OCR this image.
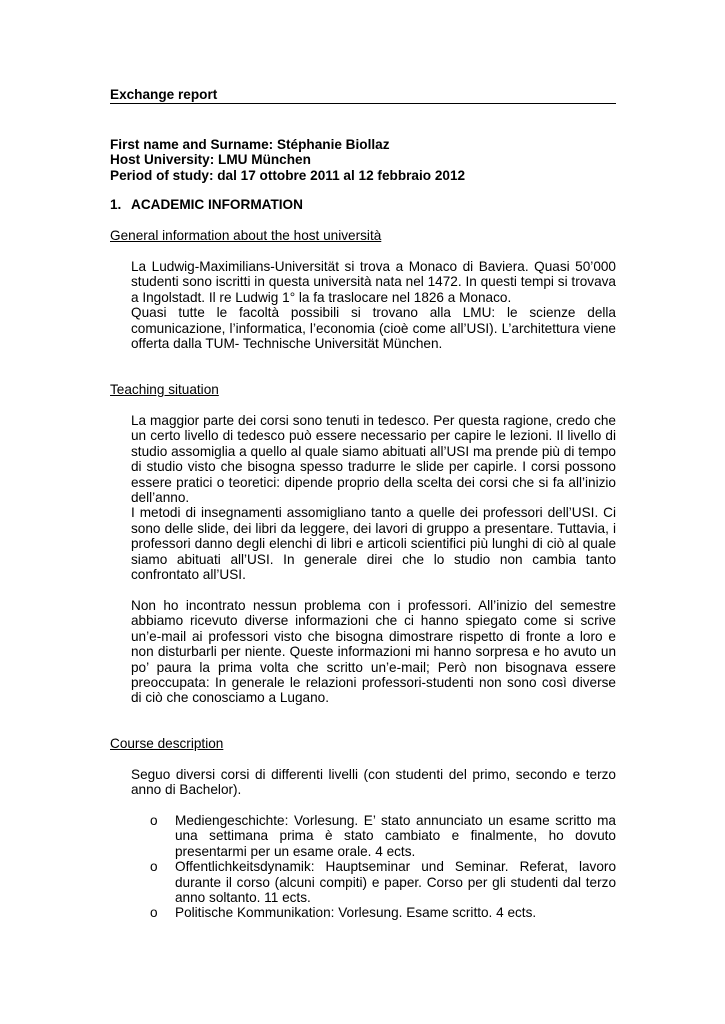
Exchange report
First name and Surname: Stéphanie Biollaz
Host University: LMU München
Period of study: dal 17 ottobre 2011 al 12 febbraio 2012
1. ACADEMIC INFORMATION
General information about the host università

La Ludwig-Maximilians-Universität si trova a Monaco di Baviera. Quasi 50’000 studenti sono iscritti in questa università nata nel 1472. In questi tempi si trovava a Ingolstadt. Il re Ludwig 1° la fa traslocare nel 1826 a Monaco.

Quasi tutte le facoltà possibili si trovano alla LMU: le scienze della comunicazione, l’informatica, l’economia (cioè come all’USI). L’architettura viene offerta dalla TUM- Technische Universität München.

Teaching situation

La maggior parte dei corsi sono tenuti in tedesco. Per questa ragione, credo che un certo livello di tedesco può essere necessario per capire le lezioni. Il livello di studio assomiglia a quello al quale siamo abituati all’USI ma prende più di tempo di studio visto che bisogna spesso tradurre le slide per capirle. I corsi possono essere pratici o teoretici: dipende proprio della scelta dei corsi che si fa all’inizio dell’anno.

I metodi di insegnamenti assomigliano tanto a quelle dei professori dell’USI. Ci sono delle slide, dei libri da leggere, dei lavori di gruppo a presentare. Tuttavia, i professori danno degli elenchi di libri e articoli scientifici più lunghi di ciò al quale siamo abituati all’USI. In generale direi che lo studio non cambia tanto confrontato all’USI.

Non ho incontrato nessun problema con i professori. All’inizio del semestre abbiamo ricevuto diverse informazioni che ci hanno spiegato come si scrive un’e-mail ai professori visto che bisogna dimostrare rispetto di fronte a loro e non disturbarli per niente. Queste informazioni mi hanno sorpresa e ho avuto un po’ paura la prima volta che scritto un’e-mail; Però non bisognava essere preoccupata: In generale le relazioni professori-studenti non sono così diverse di ciò che conosciamo a Lugano.

Course description

Seguo diversi corsi di differenti livelli (con studenti del primo, secondo e terzo anno di Bachelor).

o Mediengeschichte: Vorlesung. E’ stato annunciato un esame scritto ma una settimana prima è stato cambiato e finalmente, ho dovuto presentarmi per un esame orale. 4 ects.
o Offentlichkeitsdynamik: Hauptseminar und Seminar. Referat, lavoro durante il corso (alcuni compiti) e paper. Corso per gli studenti dal terzo anno soltanto. 11 ects.
o Politische Kommunikation: Vorlesung. Esame scritto. 4 ects.
